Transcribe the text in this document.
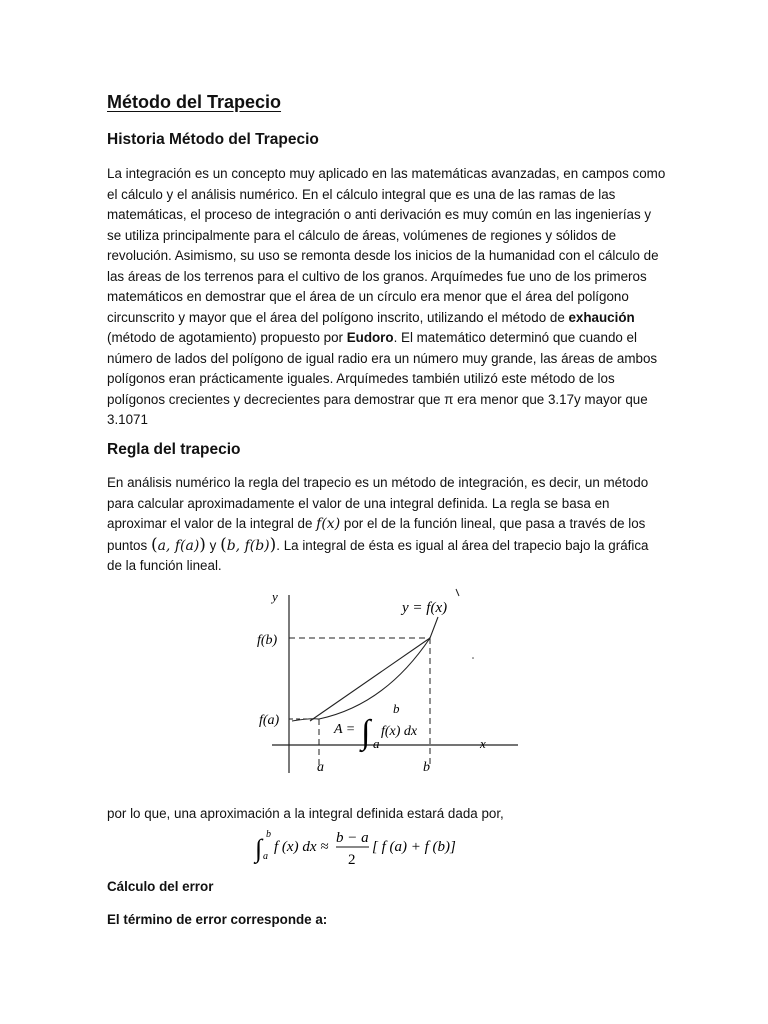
Método del Trapecio
Historia Método del Trapecio

La integración es un concepto muy aplicado en las matemáticas avanzadas, en campos como el cálculo y el análisis numérico. En el cálculo integral que es una de las ramas de las matemáticas, el proceso de integración o anti derivación es muy común en las ingenierías y se utiliza principalmente para el cálculo de áreas, volúmenes de regiones y sólidos de revolución. Asimismo, su uso se remonta desde los inicios de la humanidad con el cálculo de las áreas de los terrenos para el cultivo de los granos. Arquímedes fue uno de los primeros matemáticos en demostrar que el área de un círculo era menor que el área del polígono circunscrito y mayor que el área del polígono inscrito, utilizando el método de exhaución (método de agotamiento) propuesto por Eudoro. El matemático determinó que cuando el número de lados del polígono de igual radio era un número muy grande, las áreas de ambos polígonos eran prácticamente iguales. Arquímedes también utilizó este método de los polígonos crecientes y decrecientes para demostrar que π era menor que 3.17y mayor que 3.1071

Regla del trapecio

En análisis numérico la regla del trapecio es un método de integración, es decir, un método para calcular aproximadamente el valor de una integral definida. La regla se basa en aproximar el valor de la integral de f(x) por el de la función lineal, que pasa a través de los puntos (a, f(a)) y (b, f(b)). La integral de ésta es igual al área del trapecio bajo la gráfica de la función lineal.

y
x
y = f(x)
f(b)
f(a)
a	b
A = ∫
b
a
f(x) dx

por lo que, una aproximación a la integral definida estará dada por,

∫ b
a
f (x) dx ≈
b − a
2
[ f (a) + f (b)]
Cálculo del error

El término de error corresponde a:
